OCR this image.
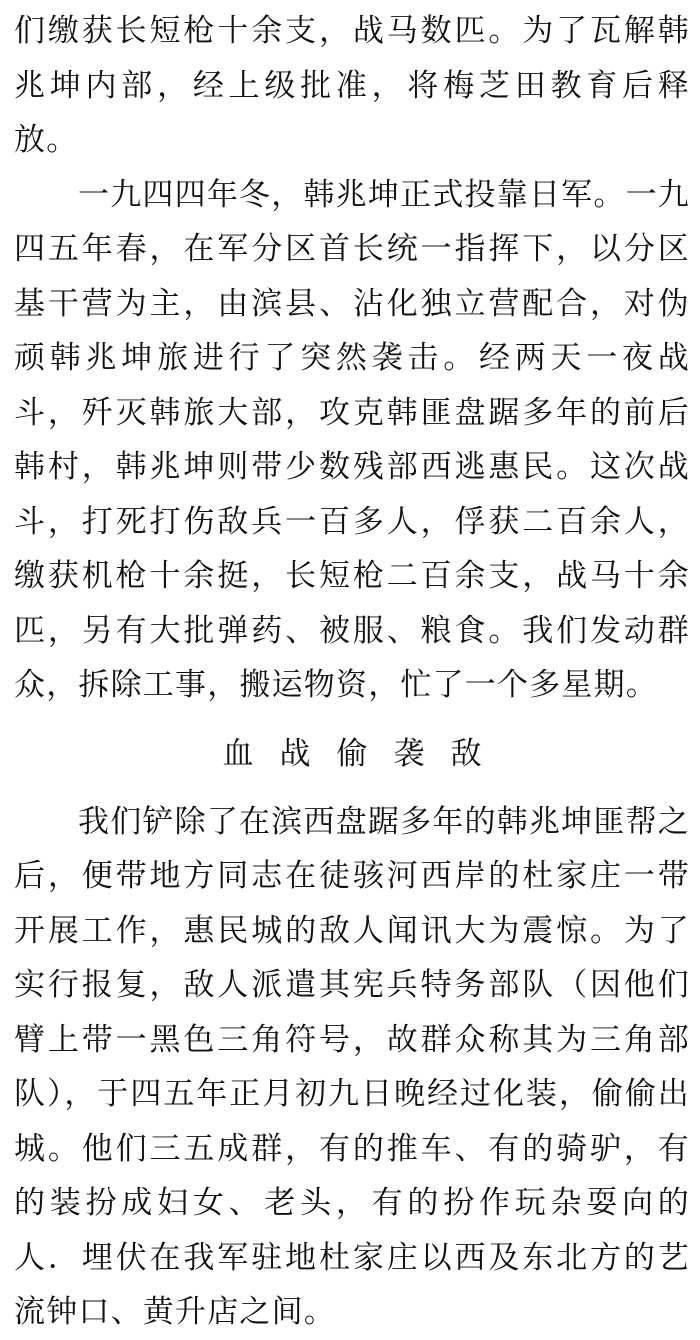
们缴获长短枪十余支，战马数匹。为了瓦解韩兆坤内部，经上级批准，将梅芝田教育后释放。

一九四四年冬，韩兆坤正式投靠日军。一九四五年春，在军分区首长统一指挥下，以分区基干营为主，由滨县、沾化独立营配合，对伪顽韩兆坤旅进行了突然袭击。经两天一夜战斗，歼灭韩旅大部，攻克韩匪盘踞多年的前后韩村，韩兆坤则带少数残部西逃惠民。这次战斗，打死打伤敌兵一百多人，俘获二百余人，缴获机枪十余挺，长短枪二百余支，战马十余匹，另有大批弹药、被服、粮食。我们发动群众，拆除工事，搬运物资，忙了一个多星期。

血战偷袭敌

我们铲除了在滨西盘踞多年的韩兆坤匪帮之后，便带地方同志在徒骇河西岸的杜家庄一带开展工作，惠民城的敌人闻讯大为震惊。为了实行报复，敌人派遣其宪兵特务部队（因他们臂上带一黑色三角符号，故群众称其为三角部队），于四五年正月初九日晚经过化装，偷偷出城。他们三五成群，有的推车、有的骑驴，有的装扮成妇女、老头，有的扮作玩杂耍向的人．埋伏在我军驻地杜家庄以西及东北方的艺流钟口、黄升店之间。
